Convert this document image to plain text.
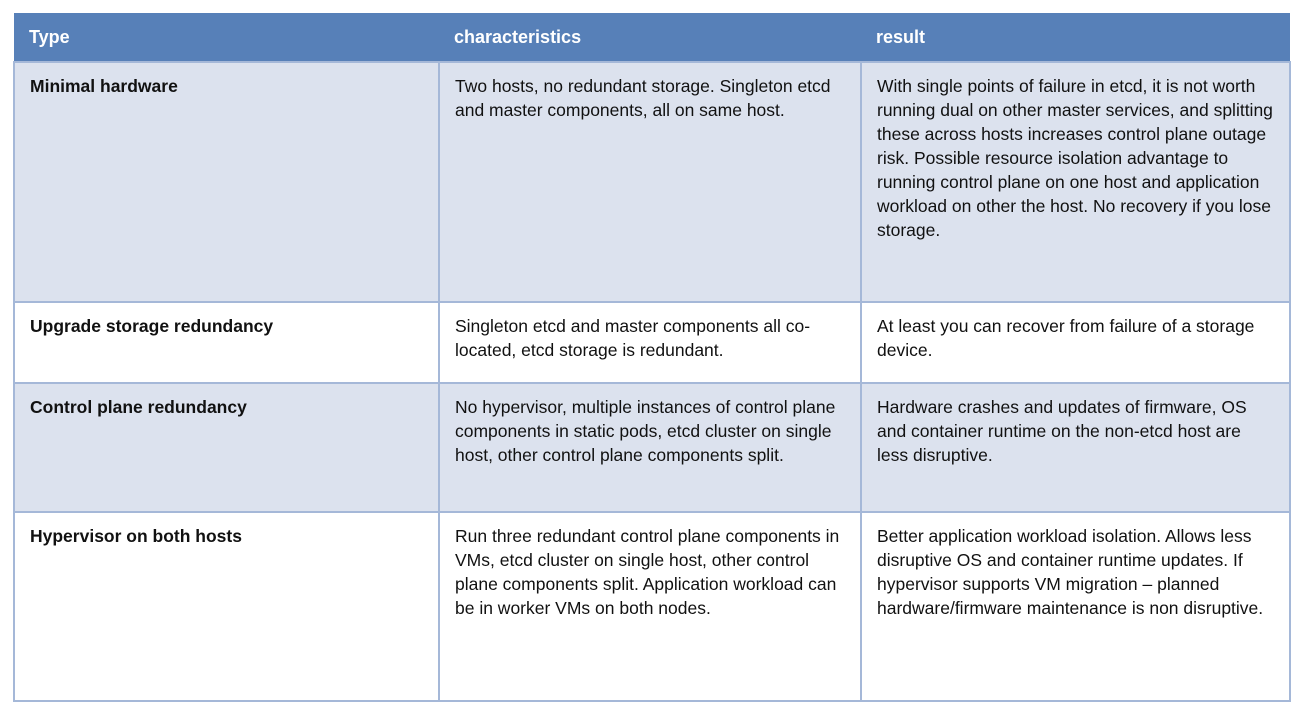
Type	characteristics	result
Minimal hardware	Two hosts, no redundant storage. Singleton etcd and master components, all on same host.	With single points of failure in etcd, it is not worth running dual on other master services, and splitting these across hosts increases control plane outage risk. Possible resource isolation advantage to running control plane on one host and application workload on other the host. No recovery if you lose storage.
Upgrade storage redundancy	Singleton etcd and master components all co-located, etcd storage is redundant.	At least you can recover from failure of a storage device.
Control plane redundancy	No hypervisor, multiple instances of control plane components in static pods, etcd cluster on single host, other control plane components split.	Hardware crashes and updates of firmware, OS and container runtime on the non-etcd host are less disruptive.
Hypervisor on both hosts	Run three redundant control plane components in VMs, etcd cluster on single host, other control plane components split. Application workload can be in worker VMs on both nodes.	Better application workload isolation. Allows less disruptive OS and container runtime updates. If hypervisor supports VM migration – planned hardware/firmware maintenance is non disruptive.
